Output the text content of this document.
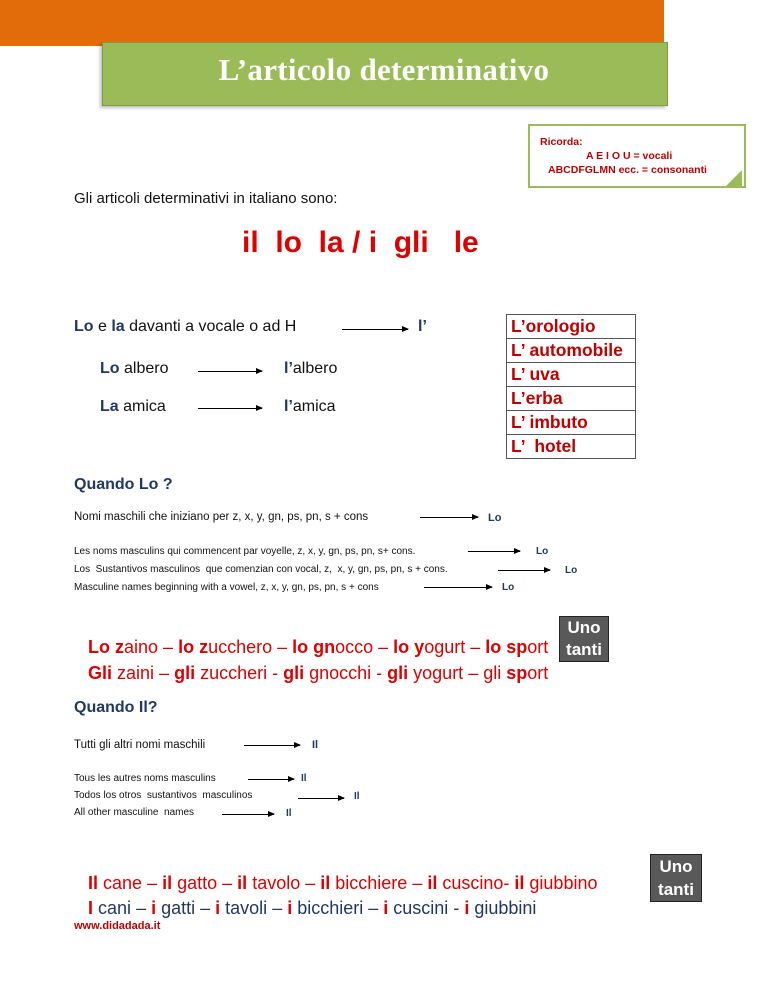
L’articolo determinativo
Ricorda:
A E I O U = vocali
ABCDFGLMN ecc. = consonanti
Gli articoli determinativi in italiano sono:
il  lo  la / i  gli   le
Lo e la davanti a vocale o ad H	l’
Lo albero	l’albero
La amica	l’amica
L’orologio
L’ automobile
L’ uva
L’erba
L’ imbuto
L’  hotel
Quando Lo ?
Nomi maschili che iniziano per z, x, y, gn, ps, pn, s + cons	Lo
Les noms masculins qui commencent par voyelle, z, x, y, gn, ps, pn, s+ cons.	Lo
Los  Sustantivos masculinos  que comenzian con vocal, z,  x, y, gn, ps, pn, s + cons.	Lo
Masculine names beginning with a vowel, z, x, y, gn, ps, pn, s + cons	Lo

Lo zaino – lo zucchero – lo gnocco – lo yogurt – lo sport

Gli zaini – gli zuccheri - gli gnocchi - gli yogurt – gli sport

Uno
tanti
Quando Il?
Tutti gli altri nomi maschili	Il
Tous les autres noms masculins	Il
Todos los otros  sustantivos  masculinos	Il
All other masculine  names	Il

Il cane – il gatto – il tavolo – il bicchiere – il cuscino- il giubbino

I cani – i gatti – i tavoli – i bicchieri – i cuscini - i giubbini

Uno
tanti
www.didadada.it
